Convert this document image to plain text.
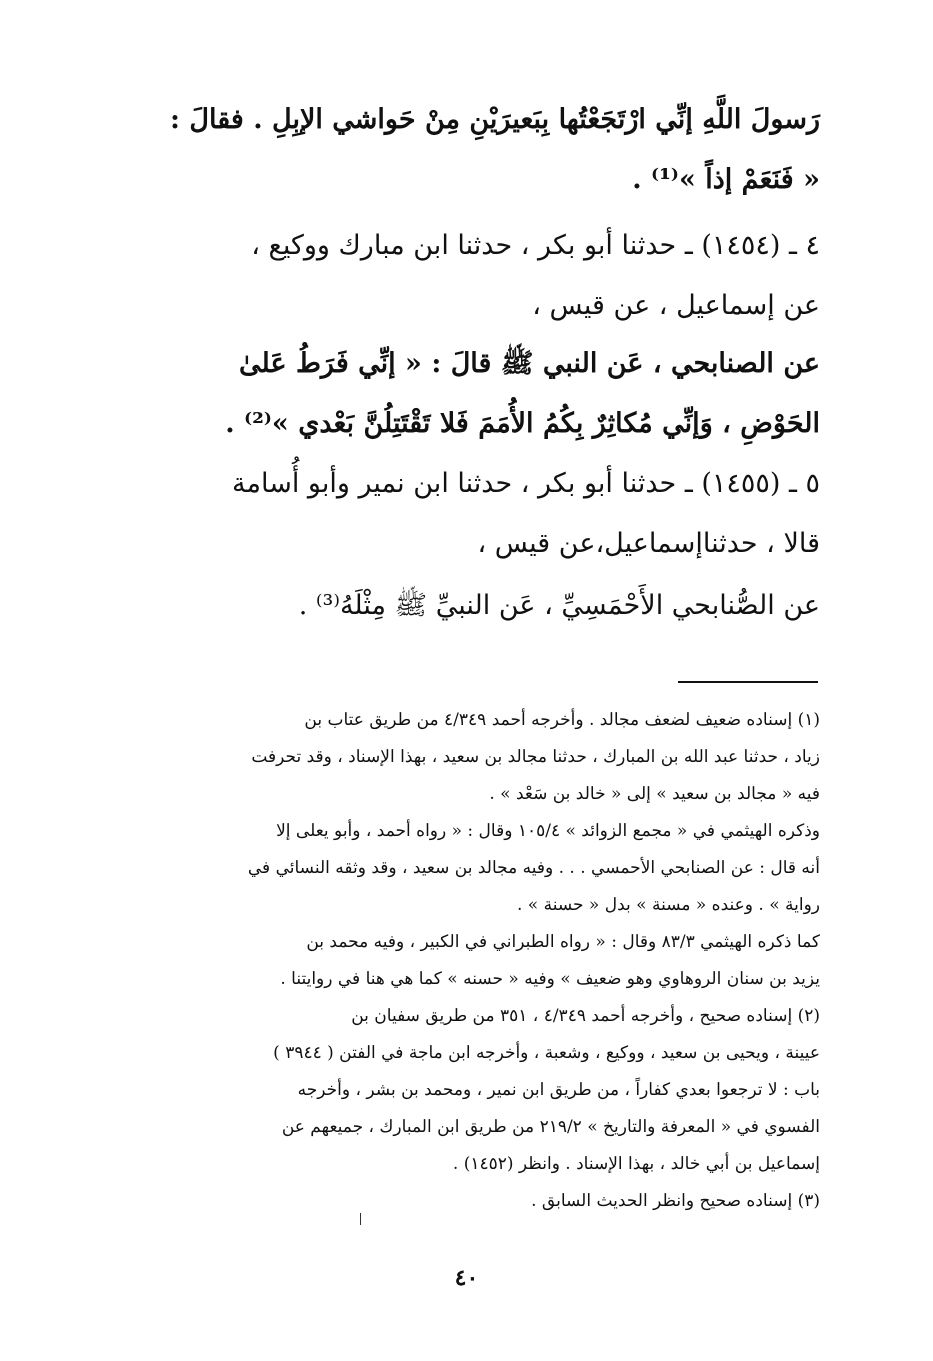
رَسولَ اللَّهِ إنِّي ارْتَجَعْتُها بِبَعيرَيْنِ مِنْ حَواشي الإبِلِ . فقالَ :
« فَنَعَمْ إذاً »⁽¹⁾ .
٤ ـ (١٤٥٤) ـ حدثنا أبو بكر ، حدثنا ابن مبارك ووكيع ،
عن إسماعيل ، عن قيس ،
عن الصنابحي ، عَن النبي ﷺ قالَ : « إنِّي فَرَطُ عَلىٰ
الحَوْضِ ، وَإنِّي مُكاثِرٌ بِكُمُ الأُمَمَ فَلا تَقْتَتِلُنَّ بَعْدي »⁽²⁾ .
٥ ـ (١٤٥٥) ـ حدثنا أبو بكر ، حدثنا ابن نمير وأبو أُسامة
قالا ، حدثناإسماعيل،عن قيس ،
عن الصُّنابحي الأَحْمَسِيِّ ، عَن النبيِّ ﷺ مِثْلَهُ⁽³⁾ .
(١) إسناده ضعيف لضعف مجالد . وأخرجه أحمد ٤/٣٤٩ من طريق عتاب بن
زياد ، حدثنا عبد الله بن المبارك ، حدثنا مجالد بن سعيد ، بهذا الإسناد ، وقد تحرفت
فيه « مجالد بن سعيد » إلى « خالد بن سَعْد » .
وذكره الهيثمي في « مجمع الزوائد » ١٠٥/٤ وقال : « رواه أحمد ، وأبو يعلى إلا
أنه قال : عن الصنابحي الأحمسي . . . وفيه مجالد بن سعيد ، وقد وثقه النسائي في
رواية » . وعنده « مسنة » بدل « حسنة » .
كما ذكره الهيثمي ٨٣/٣ وقال : « رواه الطبراني في الكبير ، وفيه محمد بن
يزيد بن سنان الروهاوي وهو ضعيف » وفيه « حسنه » كما هي هنا في روايتنا .
(٢) إسناده صحيح ، وأخرجه أحمد ٤/٣٤٩ ، ٣٥١ من طريق سفيان بن
عيينة ، ويحيى بن سعيد ، ووكيع ، وشعبة ، وأخرجه ابن ماجة في الفتن ( ٣٩٤٤ )
باب : لا ترجعوا بعدي كفاراً ، من طريق ابن نمير ، ومحمد بن بشر ، وأخرجه
الفسوي في « المعرفة والتاريخ » ٢١٩/٢ من طريق ابن المبارك ، جميعهم عن
إسماعيل بن أبي خالد ، بهذا الإسناد . وانظر (١٤٥٢) .
(٣) إسناده صحيح وانظر الحديث السابق .
٤٠
